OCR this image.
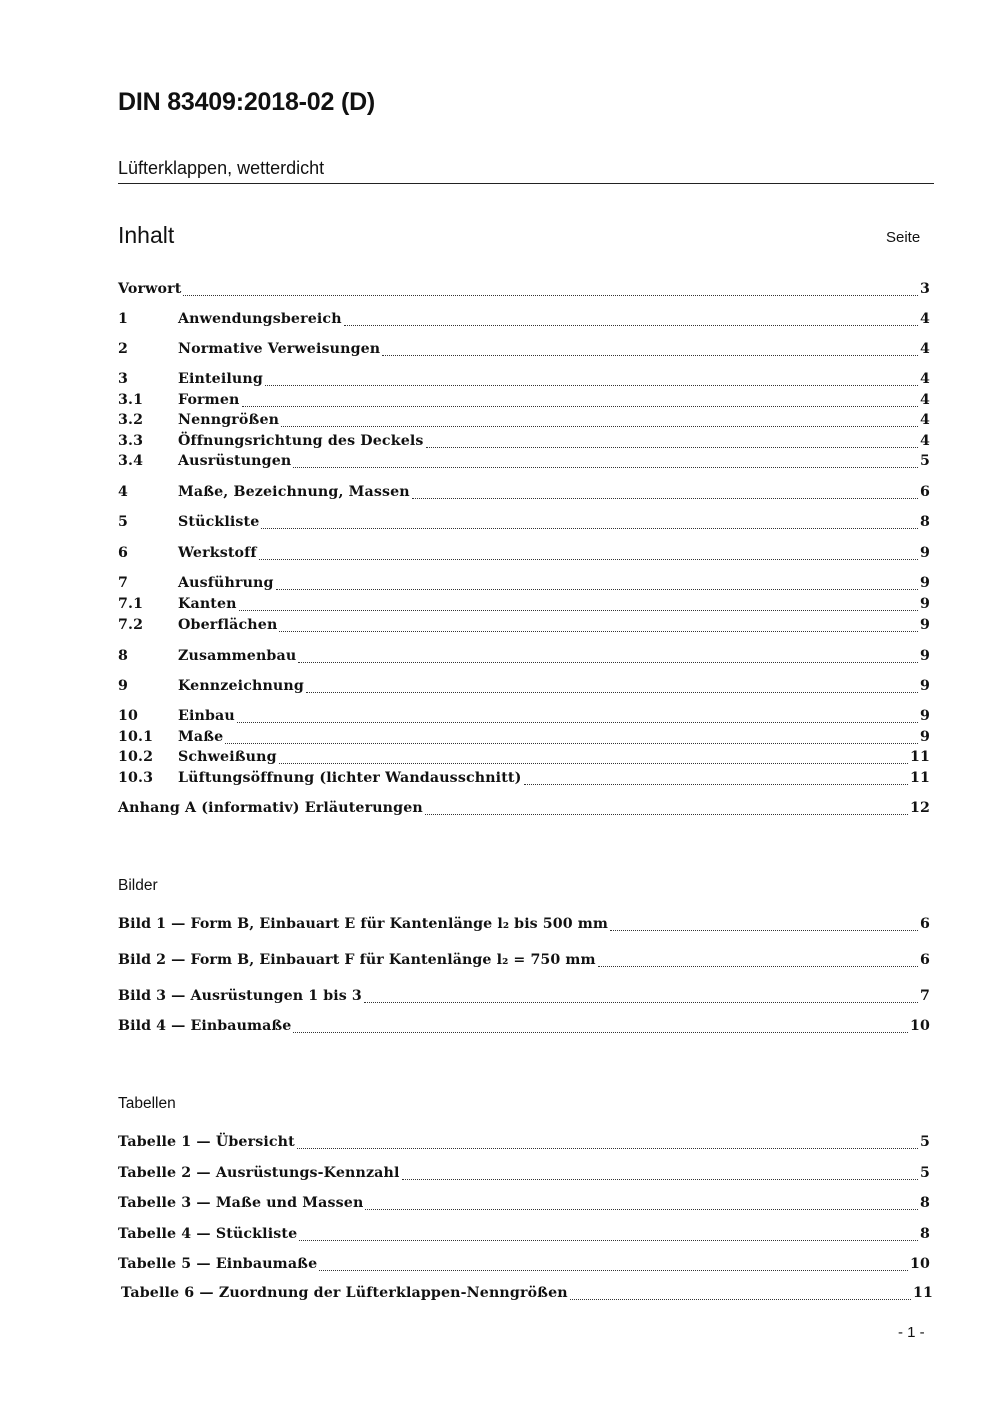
DIN 83409:2018-02 (D)
Lüfterklappen, wetterdicht
Inhalt	Seite
Vorwort	3
1	Anwendungsbereich	4
2	Normative Verweisungen	4
3	Einteilung	4
3.1	Formen	4
3.2	Nenngrößen	4
3.3	Öffnungsrichtung des Deckels	4
3.4	Ausrüstungen	5
4	Maße, Bezeichnung, Massen	6
5	Stückliste	8
6	Werkstoff	9
7	Ausführung	9
7.1	Kanten	9
7.2	Oberflächen	9
8	Zusammenbau	9
9	Kennzeichnung	9
10	Einbau	9
10.1	Maße	9
10.2	Schweißung	11
10.3	Lüftungsöffnung (lichter Wandausschnitt)	11
Anhang A (informativ) Erläuterungen	12
Bilder
Bild 1 — Form B, Einbauart E für Kantenlänge l₂ bis 500 mm	6
Bild 2 — Form B, Einbauart F für Kantenlänge l₂ = 750 mm	6
Bild 3 — Ausrüstungen 1 bis 3	7
Bild 4 — Einbaumaße	10
Tabellen
Tabelle 1 — Übersicht	5
Tabelle 2 — Ausrüstungs-Kennzahl	5
Tabelle 3 — Maße und Massen	8
Tabelle 4 — Stückliste	8
Tabelle 5 — Einbaumaße	10
Tabelle 6 — Zuordnung der Lüfterklappen-Nenngrößen	11
- 1 -
